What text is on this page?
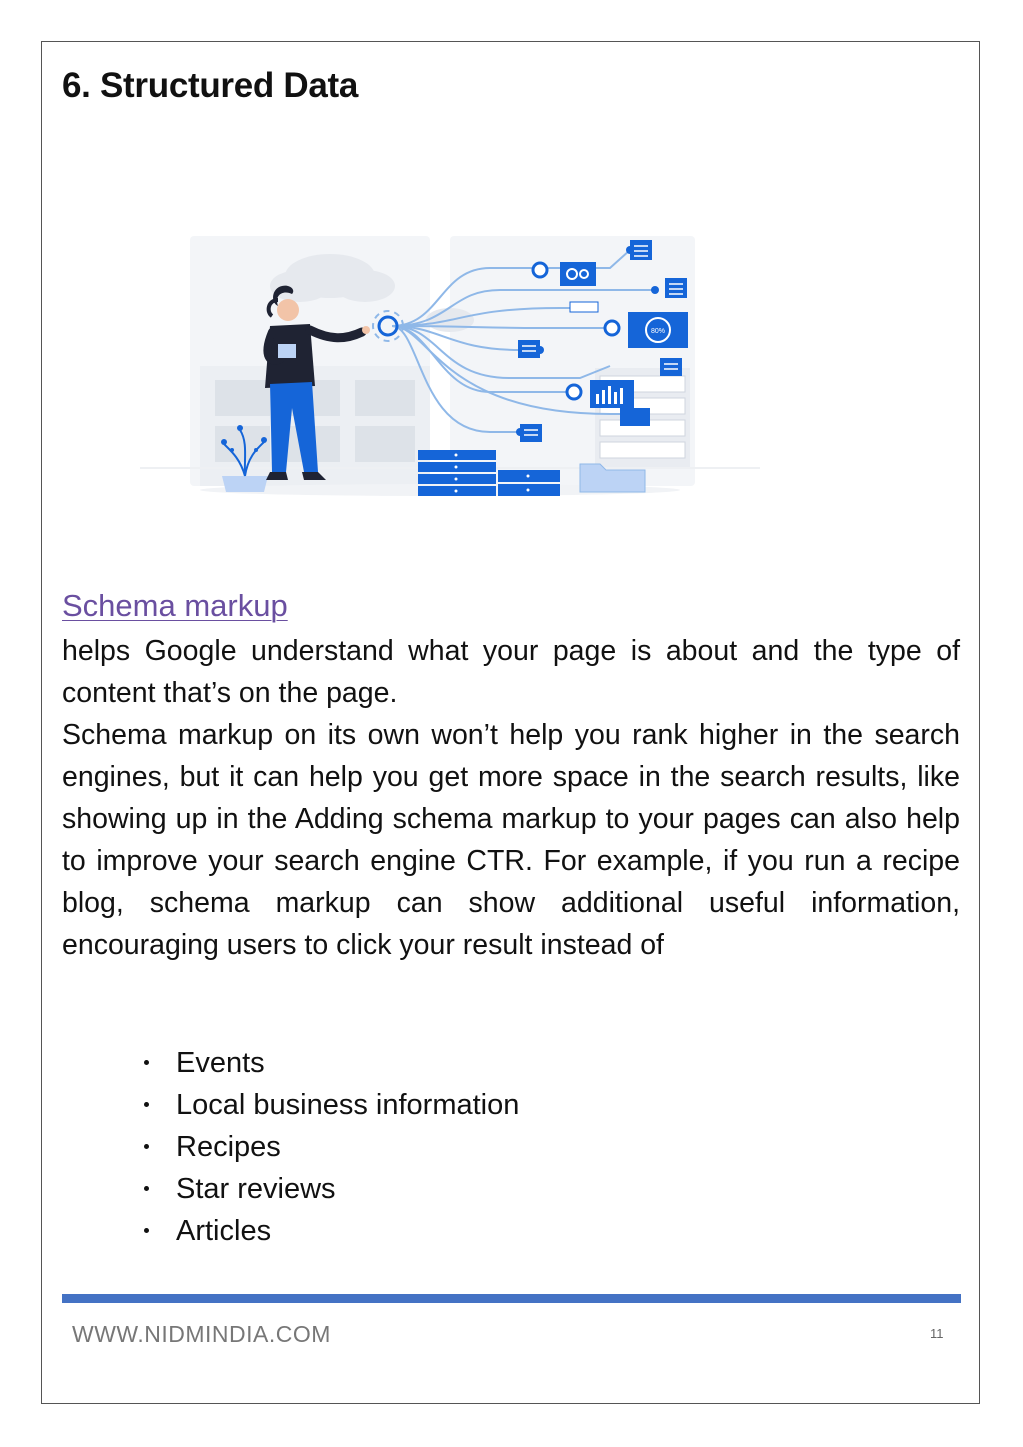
6. Structured Data
80%
Schema markup

helps Google understand what your page is about and the type of content that’s on the page.

Schema markup on its own won’t help you rank higher in the search engines, but it can help you get more space in the search results, like showing up in the Adding schema markup to your pages can also help to improve your search engine CTR. For example, if you run a recipe blog, schema markup can show additional useful information, encouraging users to click your result instead of

Events
Local business information
Recipes
Star reviews
Articles
WWW.NIDMINDIA.COM	11
